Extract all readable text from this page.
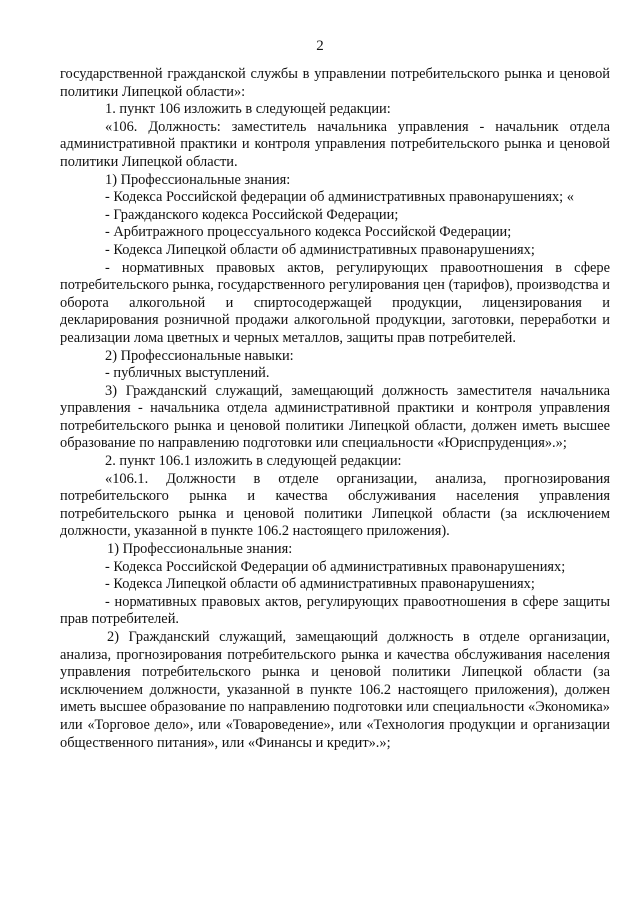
2

государственной гражданской службы в управлении потребительского рынка и ценовой политики Липецкой области»:

1. пункт 106 изложить в следующей редакции:

«106. Должность: заместитель начальника управления - начальник отдела административной практики и контроля управления потребительского рынка и ценовой политики Липецкой области.

1) Профессиональные знания:

- Кодекса Российской федерации об административных правонарушениях; «

- Гражданского кодекса Российской Федерации;

- Арбитражного процессуального кодекса Российской Федерации;

- Кодекса Липецкой области об административных правонарушениях;

- нормативных правовых актов, регулирующих правоотношения в сфере потребительского рынка, государственного регулирования цен (тарифов), производства и оборота алкогольной и спиртосодержащей продукции, лицензирования и декларирования розничной продажи алкогольной продукции, заготовки, переработки и реализации лома цветных и черных металлов, защиты прав потребителей.

2) Профессиональные навыки:

- публичных выступлений.

3) Гражданский служащий, замещающий должность заместителя начальника управления - начальника отдела административной практики и контроля управления потребительского рынка и ценовой политики Липецкой области, должен иметь высшее образование по направлению подготовки или специальности «Юриспруденция».»;

2. пункт 106.1 изложить в следующей редакции:

«106.1. Должности в отделе организации, анализа, прогнозирования потребительского рынка и качества обслуживания населения управления потребительского рынка и ценовой политики Липецкой области (за исключением должности, указанной в пункте 106.2 настоящего приложения).

1) Профессиональные знания:

- Кодекса Российской Федерации об административных правонарушениях;

- Кодекса Липецкой области об административных правонарушениях;

- нормативных правовых актов, регулирующих правоотношения в сфере защиты прав потребителей.

2) Гражданский служащий, замещающий должность в отделе организации, анализа, прогнозирования потребительского рынка и качества обслуживания населения управления потребительского рынка и ценовой политики Липецкой области (за исключением должности, указанной в пункте 106.2 настоящего приложения), должен иметь высшее образование по направлению подготовки или специальности «Экономика» или «Торговое дело», или «Товароведение», или «Технология продукции и организации общественного питания», или «Финансы и кредит».»;
